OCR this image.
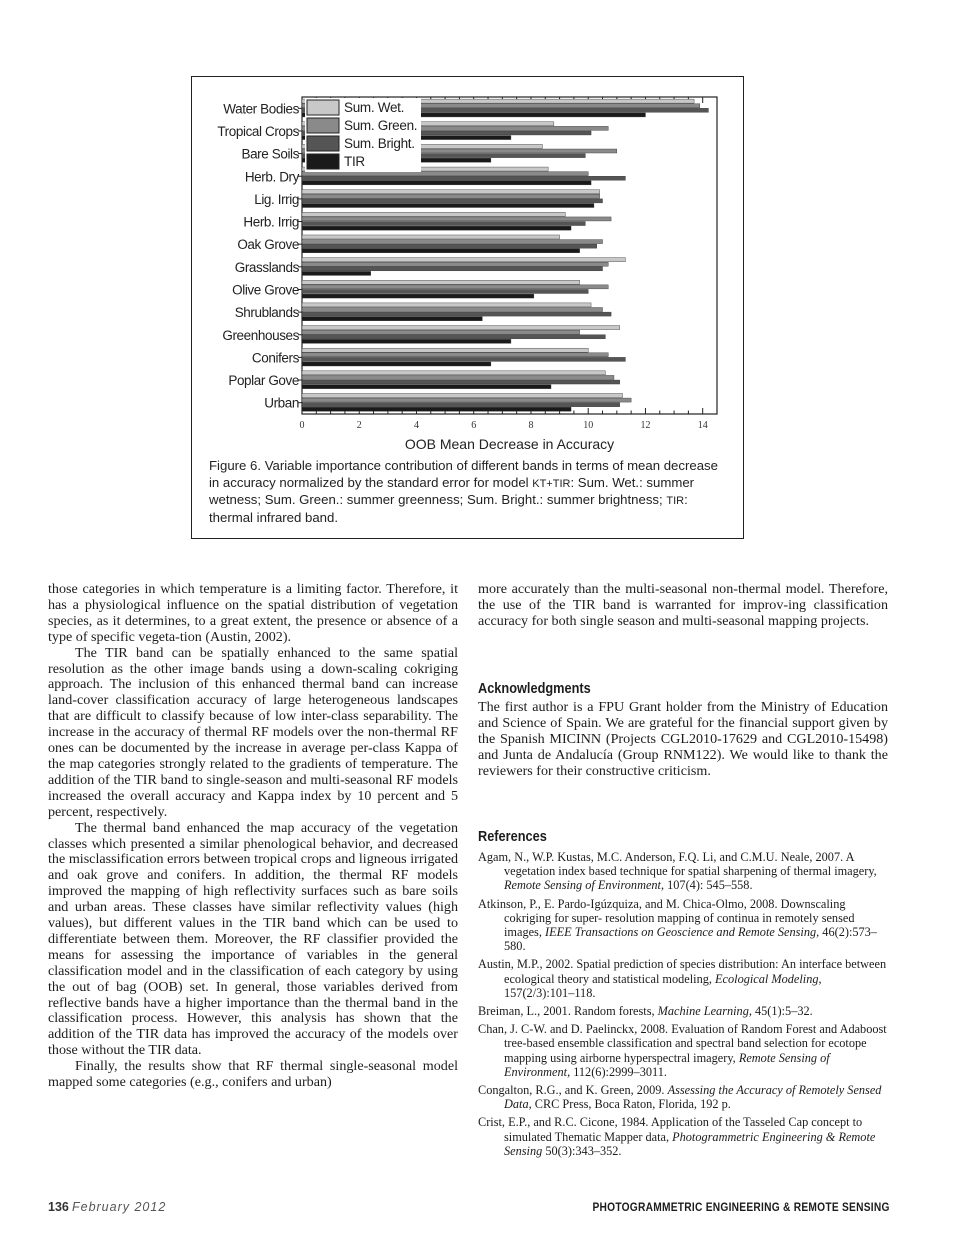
0	2	4	6	8	10	12	14
OOB Mean Decrease in Accuracy
Water Bodies
Tropical Crops
Bare Soils
Herb. Dry
Lig. Irrig
Herb. Irrig
Oak Grove
Grasslands
Olive Grove
Shrublands
Greenhouses
Conifers
Poplar Gove
Urban
Sum. Wet.
Sum. Green.
Sum. Bright.
TIR
Figure 6. Variable importance contribution of different bands in terms of mean decrease in accuracy normalized by the standard error for model KT+TIR: Sum. Wet.: summer wetness; Sum. Green.: summer greenness; Sum. Bright.: summer brightness; TIR: thermal infrared band.

those categories in which temperature is a limiting factor. Therefore, it has a physiological influence on the spatial distribution of vegetation species, as it determines, to a great extent, the presence or absence of a type of specific vegeta-tion (Austin, 2002).

The TIR band can be spatially enhanced to the same spatial resolution as the other image bands using a down-scaling cokriging approach. The inclusion of this enhanced thermal band can increase land-cover classification accuracy of large heterogeneous landscapes that are difficult to classify because of low inter-class separability. The increase in the accuracy of thermal RF models over the non-thermal RF ones can be documented by the increase in average per-class Kappa of the map categories strongly related to the gradients of temperature. The addition of the TIR band to single-season and multi-seasonal RF models increased the overall accuracy and Kappa index by 10 percent and 5 percent, respectively.

The thermal band enhanced the map accuracy of the vegetation classes which presented a similar phenological behavior, and decreased the misclassification errors between tropical crops and ligneous irrigated and oak grove and conifers. In addition, the thermal RF models improved the mapping of high reflectivity surfaces such as bare soils and urban areas. These classes have similar reflectivity values (high values), but different values in the TIR band which can be used to differentiate between them. Moreover, the RF classifier provided the means for assessing the importance of variables in the general classification model and in the classification of each category by using the out of bag (OOB) set. In general, those variables derived from reflective bands have a higher importance than the thermal band in the classification process. However, this analysis has shown that the addition of the TIR data has improved the accuracy of the models over those without the TIR data.

Finally, the results show that RF thermal single-seasonal model mapped some categories (e.g., conifers and urban)

more accurately than the multi-seasonal non-thermal model. Therefore, the use of the TIR band is warranted for improv-ing classification accuracy for both single season and multi-seasonal mapping projects.

Acknowledgments

The first author is a FPU Grant holder from the Ministry of Education and Science of Spain. We are grateful for the financial support given by the Spanish MICINN (Projects CGL2010-17629 and CGL2010-15498) and Junta de Andalucía (Group RNM122). We would like to thank the reviewers for their constructive criticism.

References
Agam, N., W.P. Kustas, M.C. Anderson, F.Q. Li, and C.M.U. Neale, 2007. A vegetation index based technique for spatial sharpening of thermal imagery, Remote Sensing of Environment, 107(4): 545–558.
Atkinson, P., E. Pardo-Igúzquiza, and M. Chica-Olmo, 2008. Downscaling cokriging for super- resolution mapping of continua in remotely sensed images, IEEE Transactions on Geoscience and Remote Sensing, 46(2):573–580.
Austin, M.P., 2002. Spatial prediction of species distribution: An interface between ecological theory and statistical modeling, Ecological Modeling, 157(2/3):101–118.
Breiman, L., 2001. Random forests, Machine Learning, 45(1):5–32.
Chan, J. C-W. and D. Paelinckx, 2008. Evaluation of Random Forest and Adaboost tree-based ensemble classification and spectral band selection for ecotope mapping using airborne hyperspectral imagery, Remote Sensing of Environment, 112(6):2999–3011.
Congalton, R.G., and K. Green, 2009. Assessing the Accuracy of Remotely Sensed Data, CRC Press, Boca Raton, Florida, 192 p.
Crist, E.P., and R.C. Cicone, 1984. Application of the Tasseled Cap concept to simulated Thematic Mapper data, Photogrammetric Engineering & Remote Sensing 50(3):343–352.
136 February 2012	PHOTOGRAMMETRIC ENGINEERING & REMOTE SENSING
